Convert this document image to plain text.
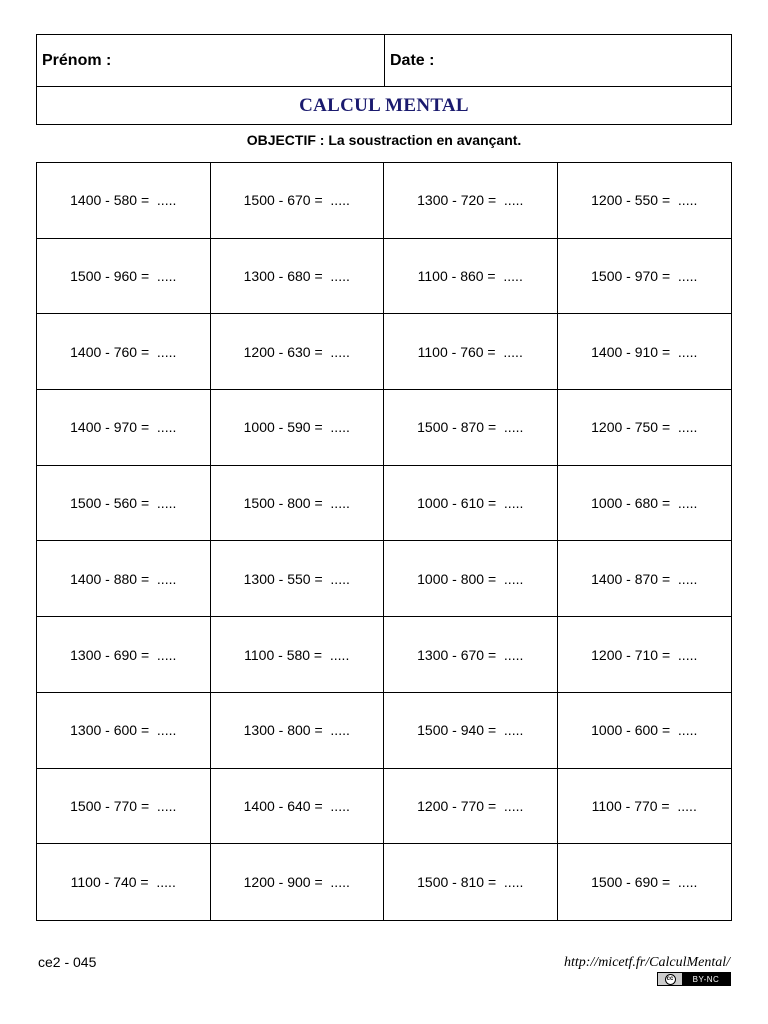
Prénom :	Date :
CALCUL MENTAL
OBJECTIF : La soustraction en avançant.
1400 - 580 =  .....	1500 - 670 =  .....	1300 - 720 =  .....	1200 - 550 =  .....
1500 - 960 =  .....	1300 - 680 =  .....	1100 - 860 =  .....	1500 - 970 =  .....
1400 - 760 =  .....	1200 - 630 =  .....	1100 - 760 =  .....	1400 - 910 =  .....
1400 - 970 =  .....	1000 - 590 =  .....	1500 - 870 =  .....	1200 - 750 =  .....
1500 - 560 =  .....	1500 - 800 =  .....	1000 - 610 =  .....	1000 - 680 =  .....
1400 - 880 =  .....	1300 - 550 =  .....	1000 - 800 =  .....	1400 - 870 =  .....
1300 - 690 =  .....	1100 - 580 =  .....	1300 - 670 =  .....	1200 - 710 =  .....
1300 - 600 =  .....	1300 - 800 =  .....	1500 - 940 =  .....	1000 - 600 =  .....
1500 - 770 =  .....	1400 - 640 =  .....	1200 - 770 =  .....	1100 - 770 =  .....
1100 - 740 =  .....	1200 - 900 =  .....	1500 - 810 =  .....	1500 - 690 =  .....
ce2 - 045	http://micetf.fr/CalculMental/
cc	BY-NC
